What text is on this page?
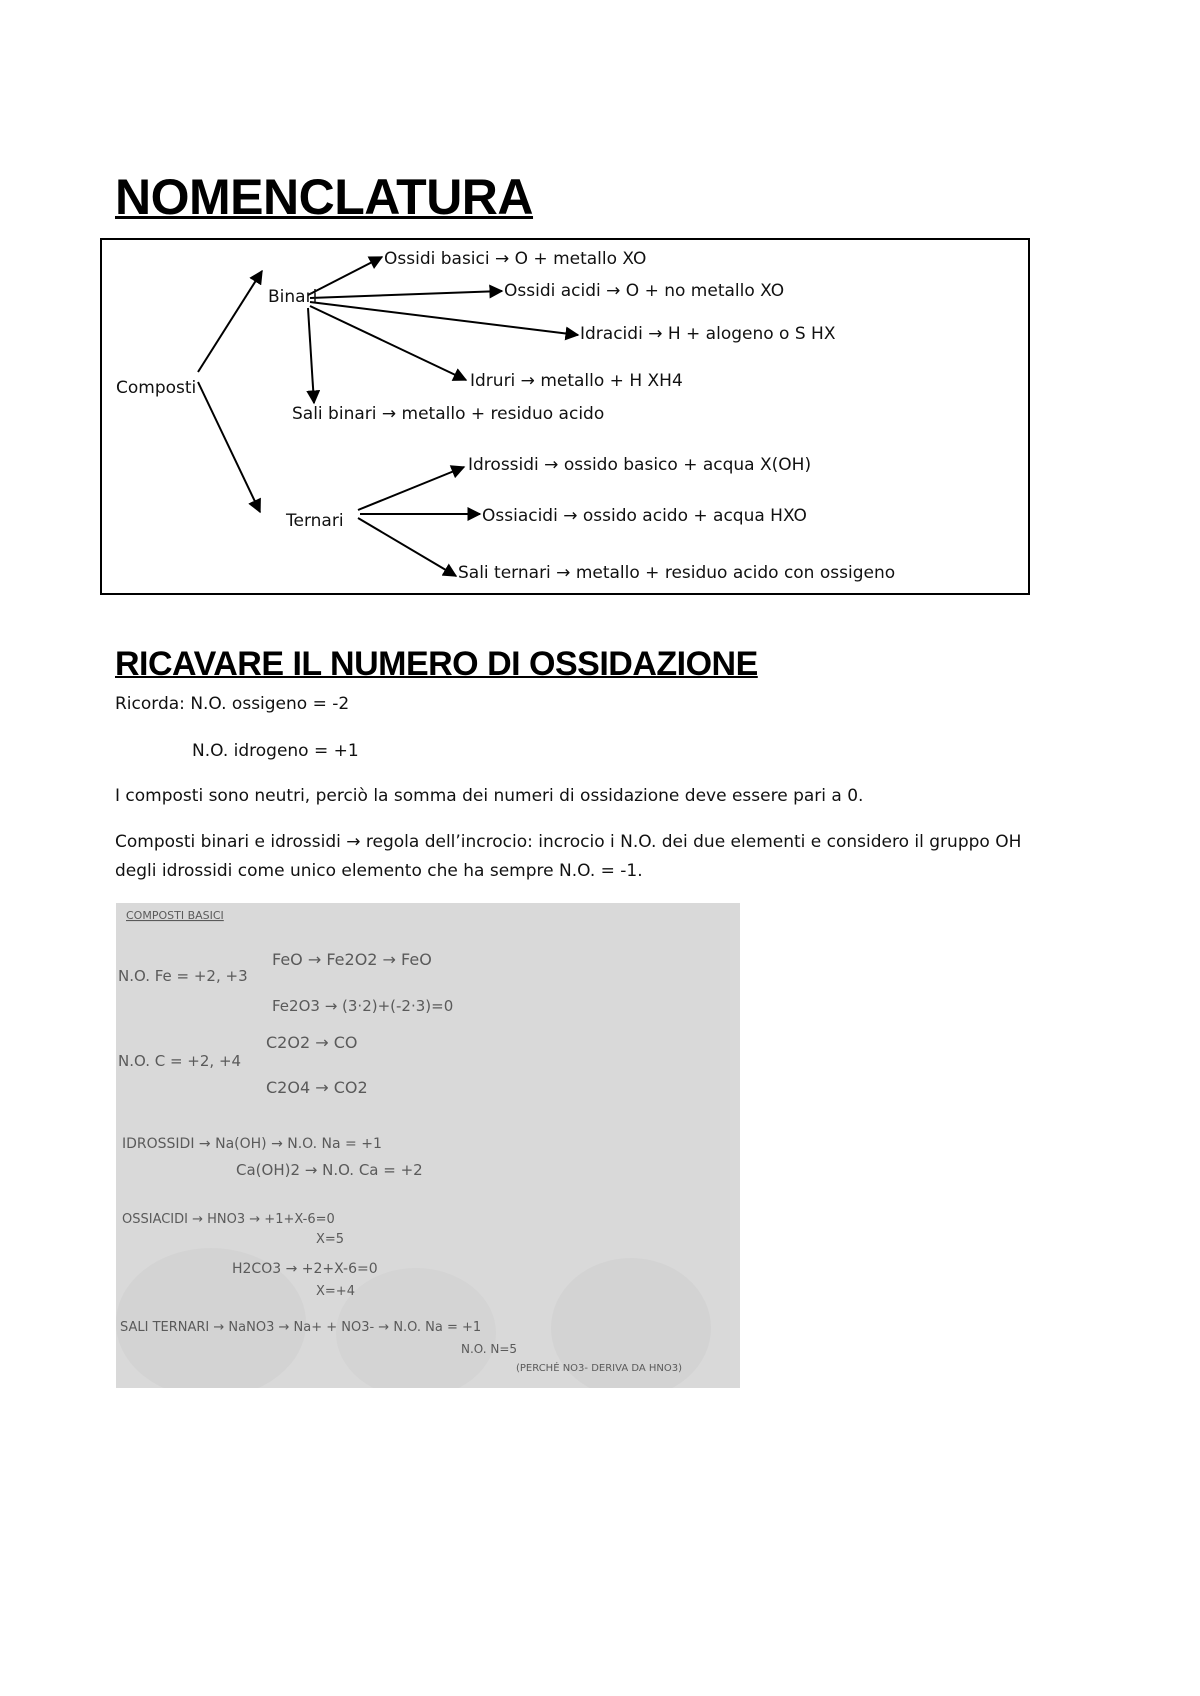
NOMENCLATURA
Composti
Binari
Ternari
Ossidi basici → O + metallo XO
Ossidi acidi → O + no metallo XO
Idracidi → H + alogeno o S HX
Idruri → metallo + H XH4
Sali binari → metallo + residuo acido
Idrossidi → ossido basico + acqua X(OH)
Ossiacidi → ossido acido + acqua HXO
Sali ternari → metallo + residuo acido con ossigeno
RICAVARE IL NUMERO DI OSSIDAZIONE

Ricorda: N.O. ossigeno = -2

N.O. idrogeno = +1

I composti sono neutri, perciò la somma dei numeri di ossidazione deve essere pari a 0.

Composti binari e idrossidi → regola dell’incrocio: incrocio i N.O. dei due elementi e considero il gruppo OH

degli idrossidi come unico elemento che ha sempre N.O. = -1.

COMPOSTI BASICI
N.O. Fe = +2, +3
FeO → Fe2O2 → FeO
Fe2O3 → (3·2)+(-2·3)=0
N.O. C = +2, +4
C2O2 → CO
C2O4 → CO2
IDROSSIDI → Na(OH) → N.O. Na = +1
Ca(OH)2 → N.O. Ca = +2
OSSIACIDI → HNO3 → +1+X-6=0
X=5
H2CO3 → +2+X-6=0
X=+4
SALI TERNARI → NaNO3 → Na+ + NO3- → N.O. Na = +1
N.O. N=5
(PERCHÉ NO3- DERIVA DA HNO3)
